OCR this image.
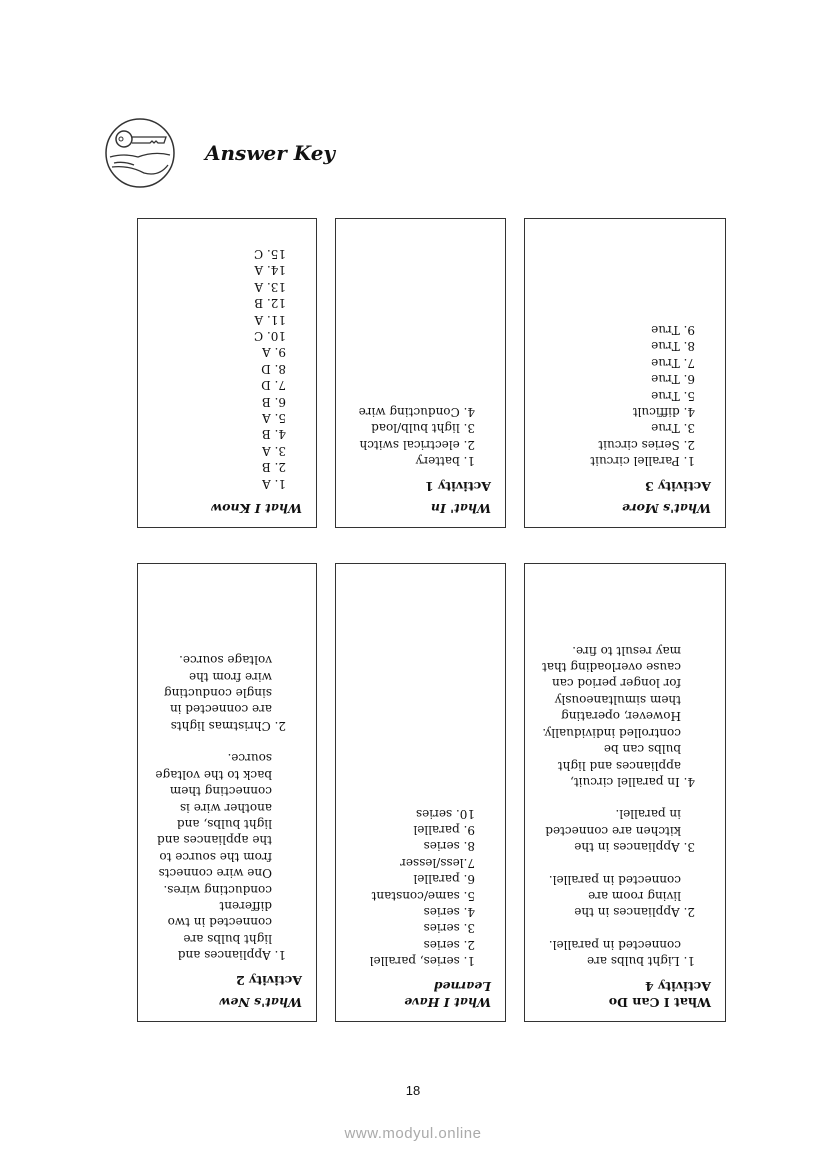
Answer Key
What I Know
1. A
2. B
3. A
4. B
5. A
6. B
7. D
8. D
9. A
10. C
11. A
12. B
13. A
14. A
15. C
What' In
Activity 1
1. battery
2. electrical switch
3. light bulb/load
4. Conducting wire
What's More
Activity 3
1. Parallel circuit
2. Series circuit
3. True
4. difficult
5. True
6. True
7. True
8. True
9. True
What's New
Activity 2
1. Appliances and light bulbs are connected in two different conducting wires. One wire connects from the source to the appliances and light bulbs, and another wire is connecting them back to the voltage source.
2. Christmas lights are connected in single conducting wire from the voltage source.
What I Have Learned
1. series, parallel
2. series
3. series
4. series
5. same/constant
6. parallel
7.less/lesser
8. series
9. parallel
10. series
What I Can Do
Activity 4
1. Light bulbs are connected in parallel.
2. Appliances in the living room are connected in parallel.
3. Appliances in the kitchen are connected in parallel.
4. In parallel circuit, appliances and light bulbs can be controlled individually. However, operating them simultaneously for longer period can cause overloading that may result to fire.
18
www.modyul.online
